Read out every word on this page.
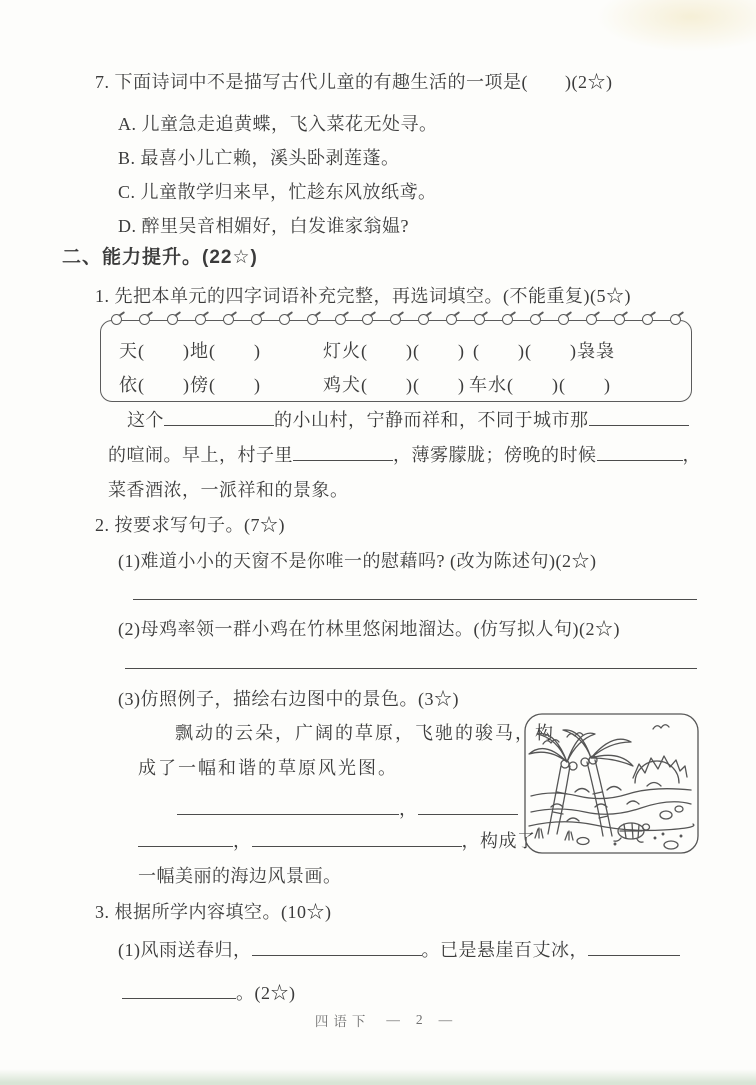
7. 下面诗词中不是描写古代儿童的有趣生活的一项是(　　)(2☆)
A. 儿童急走追黄蝶，飞入菜花无处寻。
B. 最喜小儿亡赖，溪头卧剥莲蓬。
C. 儿童散学归来早，忙趁东风放纸鸢。
D. 醉里吴音相媚好，白发谁家翁媪?
二、能力提升。(22☆)
1. 先把本单元的四字词语补充完整，再选词填空。(不能重复)(5☆)
天(　　)地(　　)	灯火(　　)(　　) (　　)(　　)袅袅
依(　　)傍(　　)	鸡犬(　　)(　　) 车水(　　)(　　)
这个	的小山村，宁静而祥和，不同于城市那
的喧闹。早上，村子里	，薄雾朦胧；傍晚的时候	，
菜香酒浓，一派祥和的景象。
2. 按要求写句子。(7☆)
(1)难道小小的天窗不是你唯一的慰藉吗? (改为陈述句)(2☆)
(2)母鸡率领一群小鸡在竹林里悠闲地溜达。(仿写拟人句)(2☆)
(3)仿照例子，描绘右边图中的景色。(3☆)
飘动的云朵，广阔的草原，飞驰的骏马，构
成了一幅和谐的草原风光图。
，
，	，构成了
一幅美丽的海边风景画。
3. 根据所学内容填空。(10☆)
(1)风雨送春归，	。已是悬崖百丈冰，
。(2☆)
四语下 — 2 —
